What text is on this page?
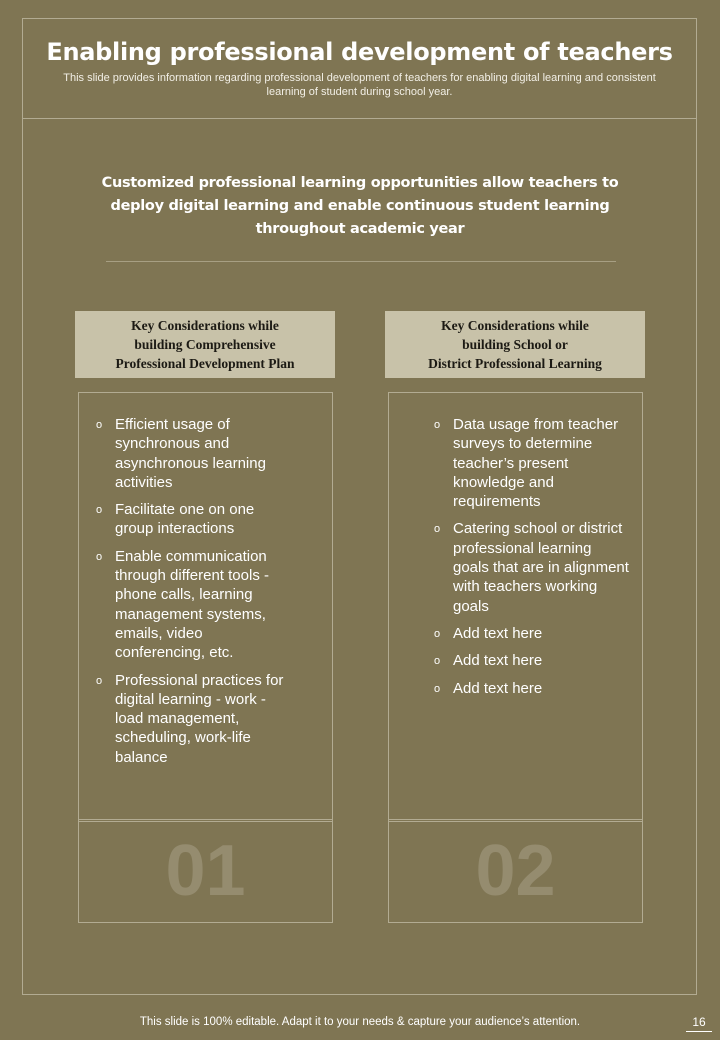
Enabling professional development of teachers
This slide provides information regarding professional development of teachers for enabling digital learning and consistent learning of student during school year.
Customized professional learning opportunities allow teachers to deploy digital learning and enable continuous student learning throughout academic year
Key Considerations while
building Comprehensive
Professional Development Plan
o Efficient usage of synchronous and asynchronous learning activities
o Facilitate one on one group interactions
o Enable communication through different tools - phone calls, learning management systems, emails, video conferencing, etc.
o Professional practices for digital learning - work - load management, scheduling, work-life balance
01
Key Considerations while
building School or
District Professional Learning
o Data usage from teacher surveys to determine teacher’s present knowledge and requirements
o Catering school or district professional learning goals that are in alignment with teachers working goals
o Add text here
o Add text here
o Add text here
02
This slide is 100% editable. Adapt it to your needs & capture your audience’s attention.	16
